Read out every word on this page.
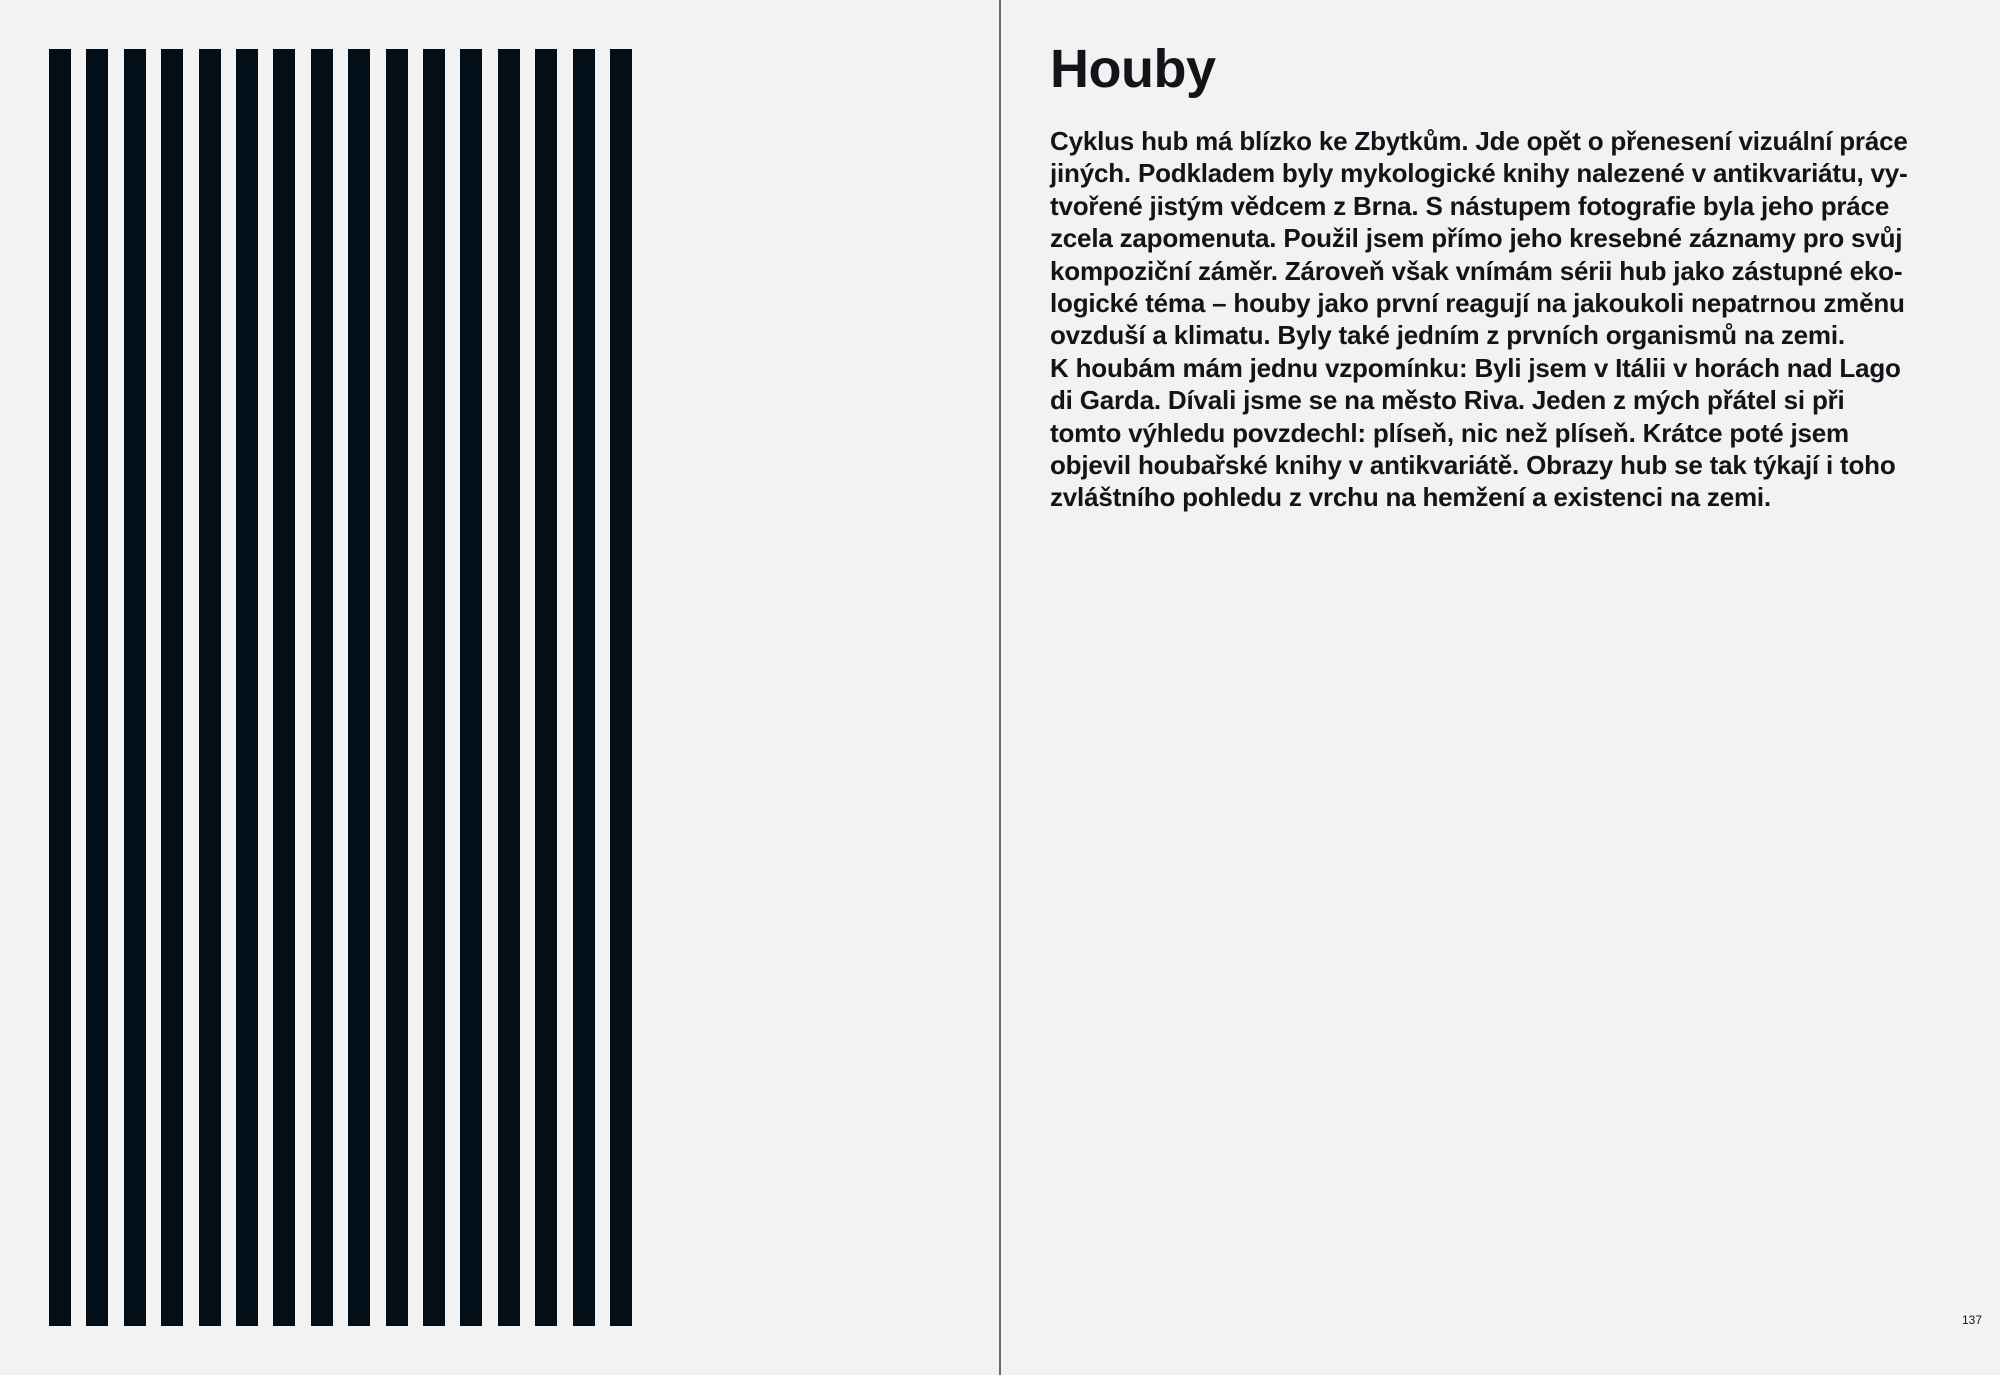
Houby

Cyklus hub má blízko ke Zbytkům. Jde opět o přenesení vizuální práce
jiných. Podkladem byly mykologické knihy nalezené v antikvariátu, vy-
tvořené jistým vědcem z Brna. S nástupem fotografie byla jeho práce
zcela zapomenuta. Použil jsem přímo jeho kresebné záznamy pro svůj
kompoziční záměr. Zároveň však vnímám sérii hub jako zástupné eko-
logické téma – houby jako první reagují na jakoukoli nepatrnou změnu
ovzduší a klimatu. Byly také jedním z prvních organismů na zemi.
K houbám mám jednu vzpomínku: Byli jsem v Itálii v horách nad Lago
di Garda. Dívali jsme se na město Riva. Jeden z mých přátel si při
tomto výhledu povzdechl: plíseň, nic než plíseň. Krátce poté jsem
objevil houbařské knihy v antikvariátě. Obrazy hub se tak týkají i toho
zvláštního pohledu z vrchu na hemžení a existenci na zemi.

137
